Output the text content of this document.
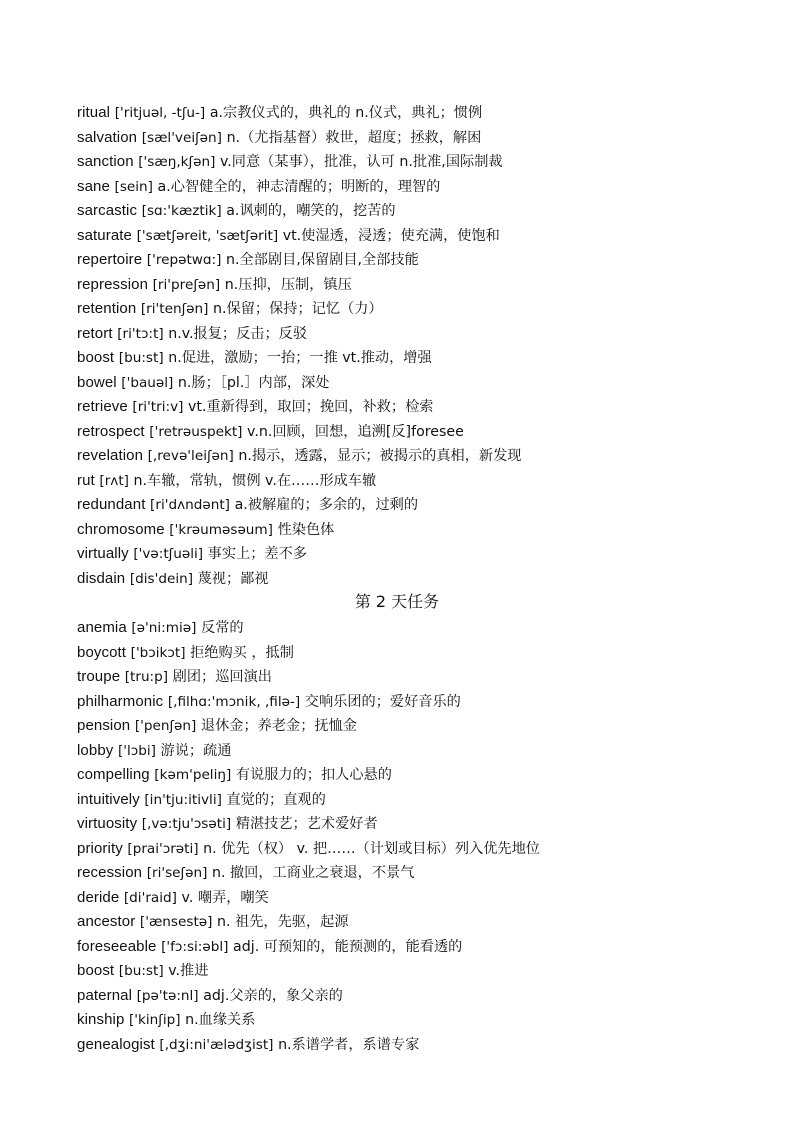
ritual ['ritjuəl, -tʃu-] a.宗教仪式的，典礼的 n.仪式，典礼；惯例
salvation [sæl'veiʃən] n.（尤指基督）救世，超度；拯救，解困
sanction ['sæŋ,kʃən] v.同意（某事），批准，认可 n.批准,国际制裁
sane [sein] a.心智健全的，神志清醒的；明断的，理智的
sarcastic [sɑ:'kæztik] a.讽刺的，嘲笑的，挖苦的
saturate ['sætʃəreit, 'sætʃərit] vt.使湿透，浸透；使充满，使饱和
repertoire ['repətwɑ:] n.全部剧目,保留剧目,全部技能
repression [ri'preʃən] n.压抑，压制，镇压
retention [ri'tenʃən] n.保留；保持；记忆（力）
retort [ri'tɔ:t] n.v.报复；反击；反驳
boost [bu:st] n.促进，激励；一抬；一推 vt.推动，增强
bowel ['bauəl] n.肠；［pl.］内部，深处
retrieve [ri'tri:v] vt.重新得到，取回；挽回，补救；检索
retrospect ['retrəuspekt] v.n.回顾，回想，追溯[反]foresee
revelation [,revə'leiʃən] n.揭示，透露，显示；被揭示的真相，新发现
rut [rʌt] n.车辙，常轨，惯例 v.在……形成车辙
redundant [ri'dʌndənt] a.被解雇的；多余的，过剩的
chromosome ['krəuməsəum] 性染色体
virtually ['və:tʃuəli] 事实上；差不多
disdain [dis'dein] 蔑视；鄙视
第 2 天任务
anemia [ə'ni:miə] 反常的
boycott ['bɔikɔt] 拒绝购买 ，抵制
troupe [tru:p] 剧团；巡回演出
philharmonic [,filhɑ:'mɔnik, ,filə-] 交响乐团的；爱好音乐的
pension ['penʃən] 退休金；养老金；抚恤金
lobby ['lɔbi] 游说；疏通
compelling [kəm'peliŋ] 有说服力的；扣人心悬的
intuitively [in'tju:itivli] 直觉的；直观的
virtuosity [,və:tju'ɔsəti] 精湛技艺；艺术爱好者
priority [prai'ɔrəti] n. 优先（权） v. 把……（计划或目标）列入优先地位
recession [ri'seʃən] n. 撤回，工商业之衰退，不景气
deride [di'raid] v. 嘲弄，嘲笑
ancestor ['ænsestə] n. 祖先，先驱，起源
foreseeable ['fɔ:si:əbl] adj. 可预知的，能预测的，能看透的
boost [bu:st] v.推进
paternal [pə'tə:nl] adj.父亲的，象父亲的
kinship ['kinʃip] n.血缘关系
genealogist [,dʒi:ni'ælədʒist] n.系谱学者，系谱专家
